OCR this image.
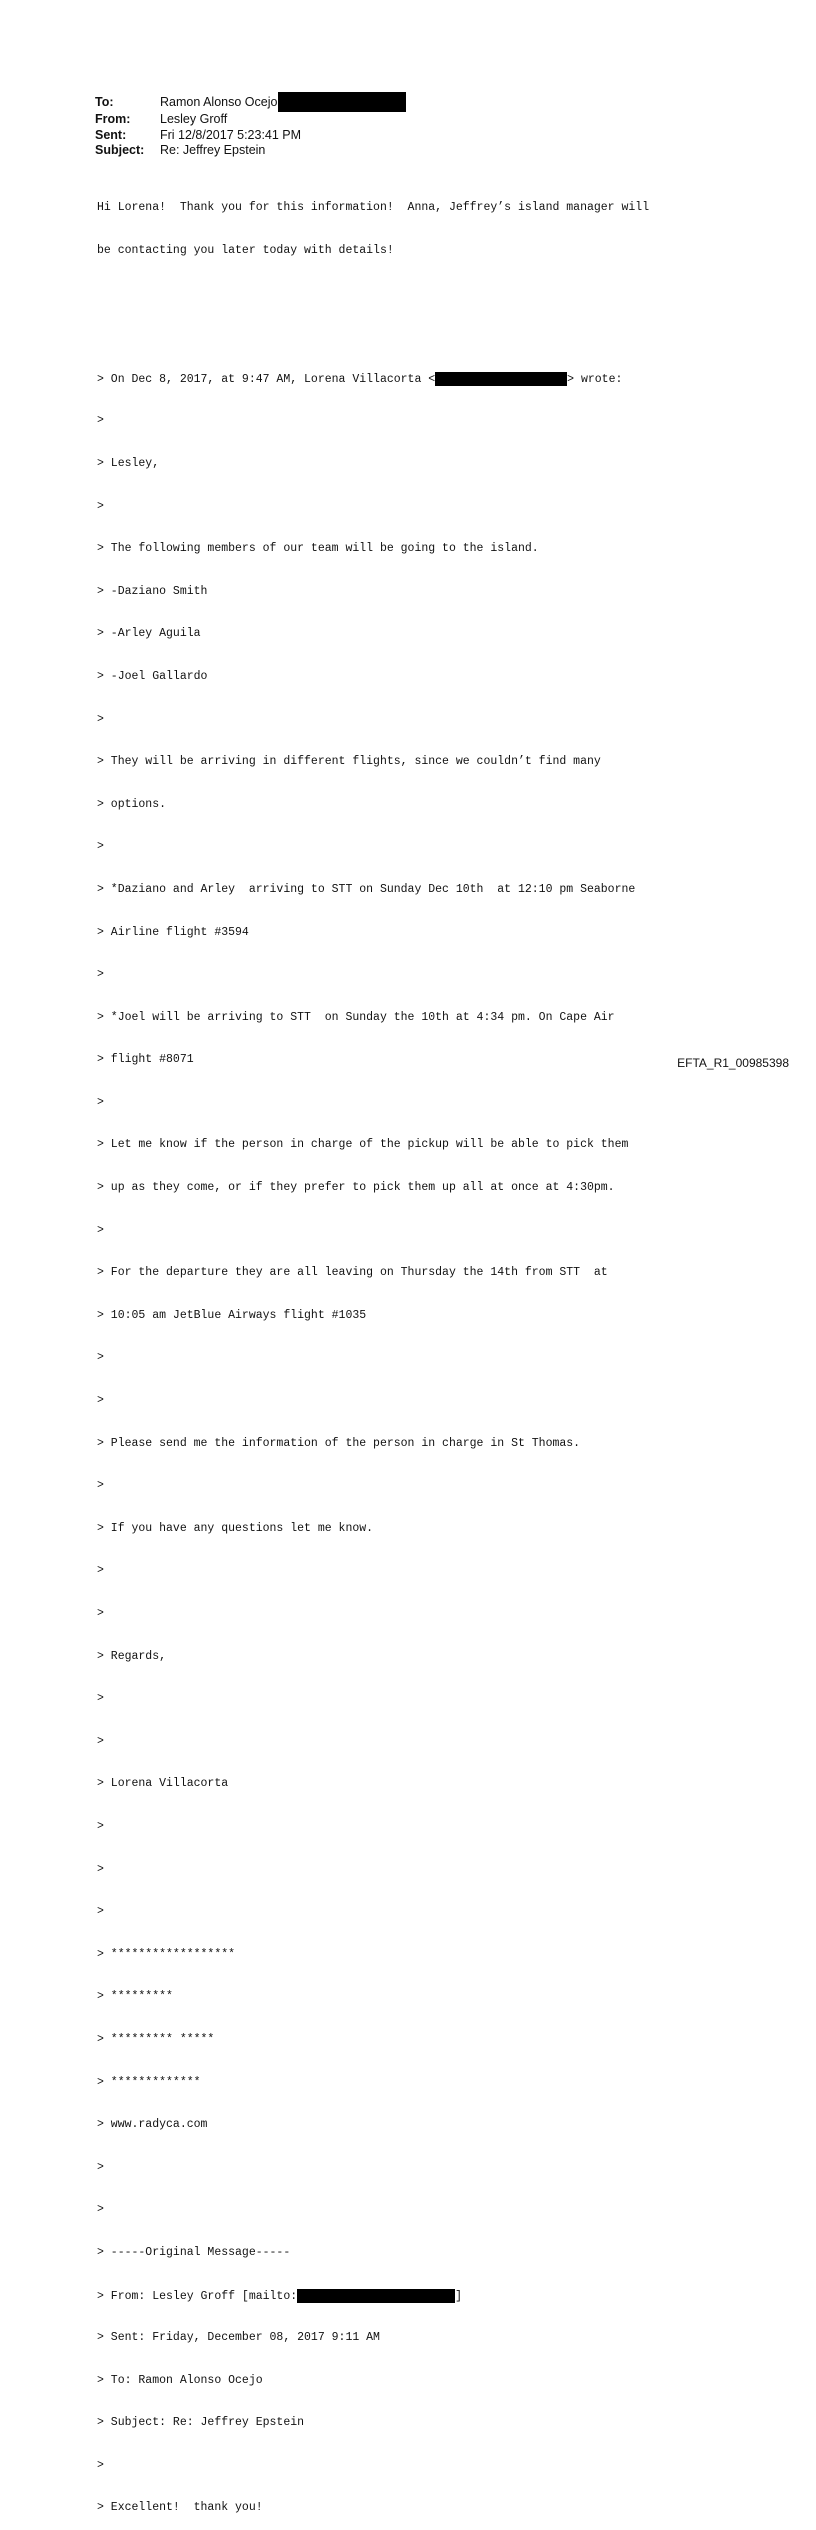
To:	Ramon Alonso Ocejo
From:	Lesley Groff
Sent:	Fri 12/8/2017 5:23:41 PM
Subject:	Re: Jeffrey Epstein

Hi Lorena!  Thank you for this information!  Anna, Jeffrey’s island manager will

be contacting you later today with details!

> On Dec 8, 2017, at 9:47 AM, Lorena Villacorta <	> wrote:

>

> Lesley,

>

> The following members of our team will be going to the island.

> -Daziano Smith

> -Arley Aguila

> -Joel Gallardo

>

> They will be arriving in different flights, since we couldn’t find many

> options.

>

> *Daziano and Arley  arriving to STT on Sunday Dec 10th  at 12:10 pm Seaborne

> Airline flight #3594

>

> *Joel will be arriving to STT  on Sunday the 10th at 4:34 pm. On Cape Air

> flight #8071

>

> Let me know if the person in charge of the pickup will be able to pick them

> up as they come, or if they prefer to pick them up all at once at 4:30pm.

>

> For the departure they are all leaving on Thursday the 14th from STT  at

> 10:05 am JetBlue Airways flight #1035

>

>

> Please send me the information of the person in charge in St Thomas.

>

> If you have any questions let me know.

>

>

> Regards,

>

>

> Lorena Villacorta

>

>

>

> ******************

> *********

> ********* *****

> *************

> www.radyca.com

>

>

> -----Original Message-----

> From: Lesley Groff [mailto:	]

> Sent: Friday, December 08, 2017 9:11 AM

> To: Ramon Alonso Ocejo

> Subject: Re: Jeffrey Epstein

>

> Excellent!  thank you!

EFTA_R1_00985398
